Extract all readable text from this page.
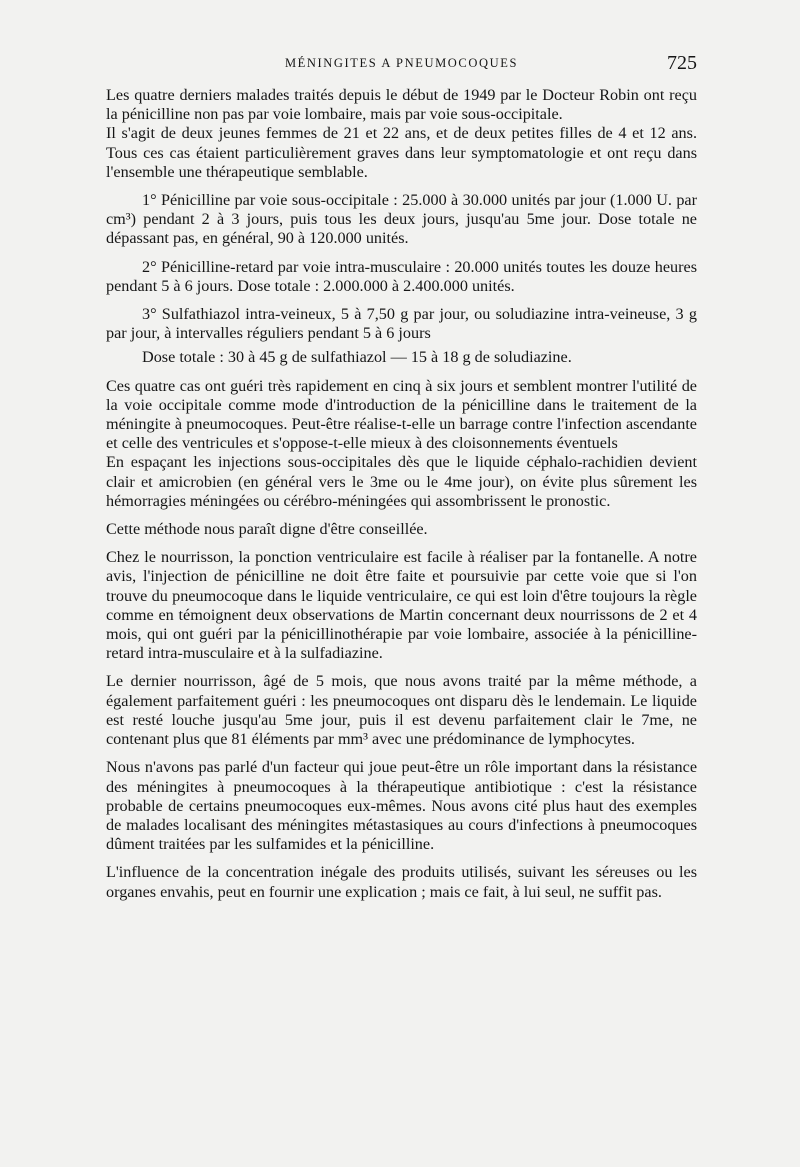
MÉNINGITES A PNEUMOCOQUES	725

Les quatre derniers malades traités depuis le début de 1949 par le Docteur Robin ont reçu la pénicilline non pas par voie lombaire, mais par voie sous-occipitale.

Il s'agit de deux jeunes femmes de 21 et 22 ans, et de deux petites filles de 4 et 12 ans. Tous ces cas étaient particulièrement graves dans leur symptomatologie et ont reçu dans l'ensemble une thérapeutique semblable.

1° Pénicilline par voie sous-occipitale : 25.000 à 30.000 unités par jour (1.000 U. par cm³) pendant 2 à 3 jours, puis tous les deux jours, jusqu'au 5me jour. Dose totale ne dépassant pas, en général, 90 à 120.000 unités.

2° Pénicilline-retard par voie intra-musculaire : 20.000 unités toutes les douze heures pendant 5 à 6 jours. Dose totale : 2.000.000 à 2.400.000 unités.

3° Sulfathiazol intra-veineux, 5 à 7,50 g par jour, ou soludiazine intra-veineuse, 3 g par jour, à intervalles réguliers pendant 5 à 6 jours

Dose totale : 30 à 45 g de sulfathiazol — 15 à 18 g de soludiazine.

Ces quatre cas ont guéri très rapidement en cinq à six jours et semblent montrer l'utilité de la voie occipitale comme mode d'introduction de la pénicilline dans le traitement de la méningite à pneumocoques. Peut-être réalise-t-elle un barrage contre l'infection ascendante et celle des ventricules et s'oppose-t-elle mieux à des cloisonnements éventuels

En espaçant les injections sous-occipitales dès que le liquide céphalo-rachidien devient clair et amicrobien (en général vers le 3me ou le 4me jour), on évite plus sûrement les hémorragies méningées ou cérébro-méningées qui assombrissent le pronostic.

Cette méthode nous paraît digne d'être conseillée.

Chez le nourrisson, la ponction ventriculaire est facile à réaliser par la fontanelle. A notre avis, l'injection de pénicilline ne doit être faite et poursuivie par cette voie que si l'on trouve du pneumocoque dans le liquide ventriculaire, ce qui est loin d'être toujours la règle comme en témoignent deux observations de Martin concernant deux nourrissons de 2 et 4 mois, qui ont guéri par la pénicillinothérapie par voie lombaire, associée à la pénicilline-retard intra-musculaire et à la sulfadiazine.

Le dernier nourrisson, âgé de 5 mois, que nous avons traité par la même méthode, a également parfaitement guéri : les pneumocoques ont disparu dès le lendemain. Le liquide est resté louche jusqu'au 5me jour, puis il est devenu parfaitement clair le 7me, ne contenant plus que 81 éléments par mm³ avec une prédominance de lymphocytes.

Nous n'avons pas parlé d'un facteur qui joue peut-être un rôle important dans la résistance des méningites à pneumocoques à la thérapeutique antibiotique : c'est la résistance probable de certains pneumocoques eux-mêmes. Nous avons cité plus haut des exemples de malades localisant des méningites métastasiques au cours d'infections à pneumocoques dûment traitées par les sulfamides et la pénicilline.

L'influence de la concentration inégale des produits utilisés, suivant les séreuses ou les organes envahis, peut en fournir une explication ; mais ce fait, à lui seul, ne suffit pas.
